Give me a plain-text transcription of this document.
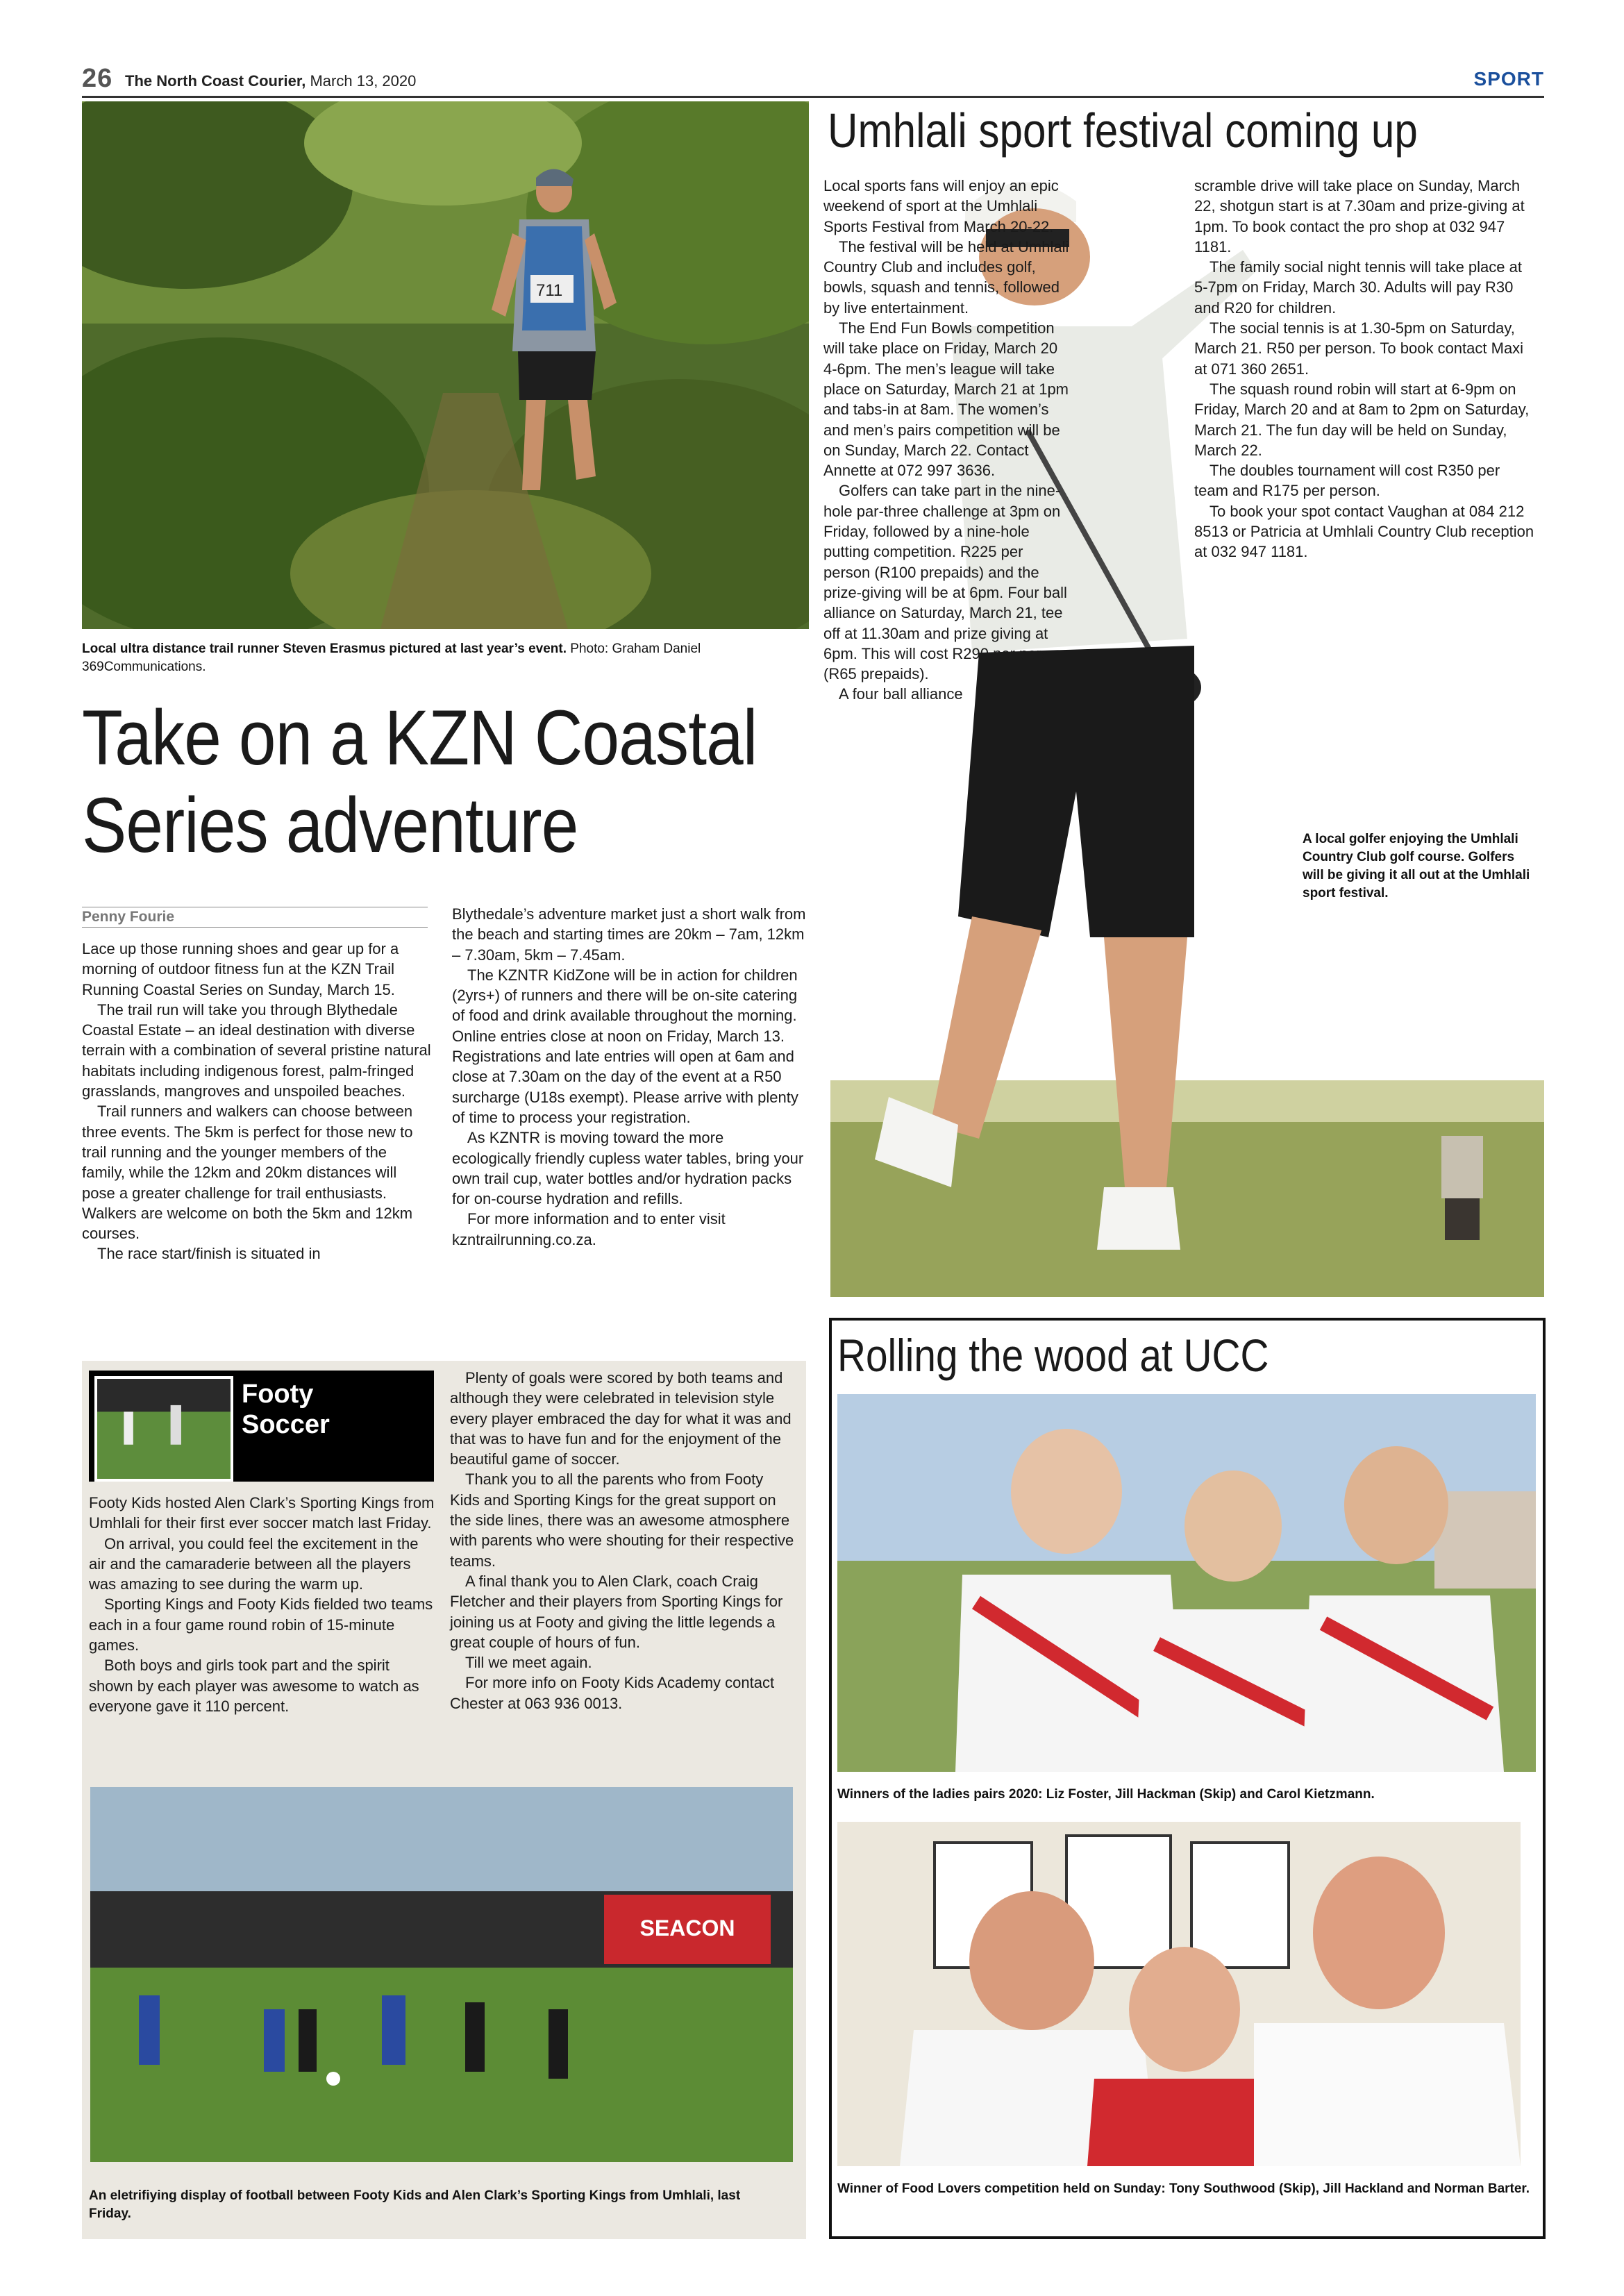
26 The North Coast Courier, March 13, 2020	SPORT
711
Local ultra distance trail runner Steven Erasmus pictured at last year’s event. Photo: Graham Daniel 369Communications.
Take on a KZN Coastal
Series adventure
Penny Fourie

Lace up those running shoes and gear up for a morning of outdoor fitness fun at the KZN Trail Running Coastal Series on Sunday, March 15.

The trail run will take you through Blythedale Coastal Estate – an ideal destination with diverse terrain with a combination of several pristine natural habitats including indigenous forest, palm-fringed grasslands, mangroves and unspoiled beaches.

Trail runners and walkers can choose between three events. The 5km is perfect for those new to trail running and the younger members of the family, while the 12km and 20km distances will pose a greater challenge for trail enthusiasts. Walkers are welcome on both the 5km and 12km courses.

The race start/finish is situated in

Blythedale’s adventure market just a short walk from the beach and starting times are 20km – 7am, 12km – 7.30am, 5km – 7.45am.

The KZNTR KidZone will be in action for children (2yrs+) of runners and there will be on-site catering of food and drink available throughout the morning. Online entries close at noon on Friday, March 13. Registrations and late entries will open at 6am and close at 7.30am on the day of the event at a R50 surcharge (U18s exempt). Please arrive with plenty of time to process your registration.

As KZNTR is moving toward the more ecologically friendly cupless water tables, bring your own trail cup, water bottles and/or hydration packs for on-course hydration and refills.

For more information and to enter visit kzntrailrunning.co.za.

Umhlali sport festival coming up

Local sports fans will enjoy an epic weekend of sport at the Umhlali Sports Festival from March 20-22.

The festival will be held at Umhlali Country Club and includes golf, bowls, squash and tennis, followed by live entertainment.

The End Fun Bowls competition will take place on Friday, March 20 4-6pm. The men’s league will take place on Saturday, March 21 at 1pm and tabs-in at 8am. The women’s and men’s pairs competition will be on Sunday, March 22. Contact Annette at 072 997 3636.

Golfers can take part in the nine-hole par-three challenge at 3pm on Friday, followed by a nine-hole putting competition. R225 per person (R100 prepaids) and the prize-giving will be at 6pm. Four ball alliance on Saturday, March 21, tee off at 11.30am and prize giving at 6pm. This will cost R290 per person (R65 prepaids).

A four ball alliance

scramble drive will take place on Sunday, March 22, shotgun start is at 7.30am and prize-giving at 1pm. To book contact the pro shop at 032 947 1181.

The family social night tennis will take place at 5-7pm on Friday, March 30. Adults will pay R30 and R20 for children.

The social tennis is at 1.30-5pm on Saturday, March 21. R50 per person. To book contact Maxi at 071 360 2651.

The squash round robin will start at 6-9pm on Friday, March 20 and at 8am to 2pm on Saturday, March 21. The fun day will be held on Sunday, March 22.

The doubles tournament will cost R350 per team and R175 per person.

To book your spot contact Vaughan at 084 212 8513 or Patricia at Umhlali Country Club reception at 032 947 1181.

A local golfer enjoying the Umhlali Country Club golf course. Golfers will be giving it all out at the Umhlali sport festival.
Footy
Soccer

Footy Kids hosted Alen Clark’s Sporting Kings from Umhlali for their first ever soccer match last Friday.

On arrival, you could feel the excitement in the air and the camaraderie between all the players was amazing to see during the warm up.

Sporting Kings and Footy Kids fielded two teams each in a four game round robin of 15-minute games.

Both boys and girls took part and the spirit shown by each player was awesome to watch as everyone gave it 110 percent.

Plenty of goals were scored by both teams and although they were celebrated in television style every player embraced the day for what it was and that was to have fun and for the enjoyment of the beautiful game of soccer.

Thank you to all the parents who from Footy Kids and Sporting Kings for the great support on the side lines, there was an awesome atmosphere with parents who were shouting for their respective teams.

A final thank you to Alen Clark, coach Craig Fletcher and their players from Sporting Kings for joining us at Footy and giving the little legends a great couple of hours of fun.

Till we meet again.

For more info on Footy Kids Academy contact Chester at 063 936 0013.

SEACON
An eletrifiying display of football between Footy Kids and Alen Clark’s Sporting Kings from Umhlali, last Friday.
Rolling the wood at UCC
Winners of the ladies pairs 2020: Liz Foster, Jill Hackman (Skip) and Carol Kietzmann.
Winner of Food Lovers competition held on Sunday: Tony Southwood (Skip), Jill Hackland and Norman Barter.
